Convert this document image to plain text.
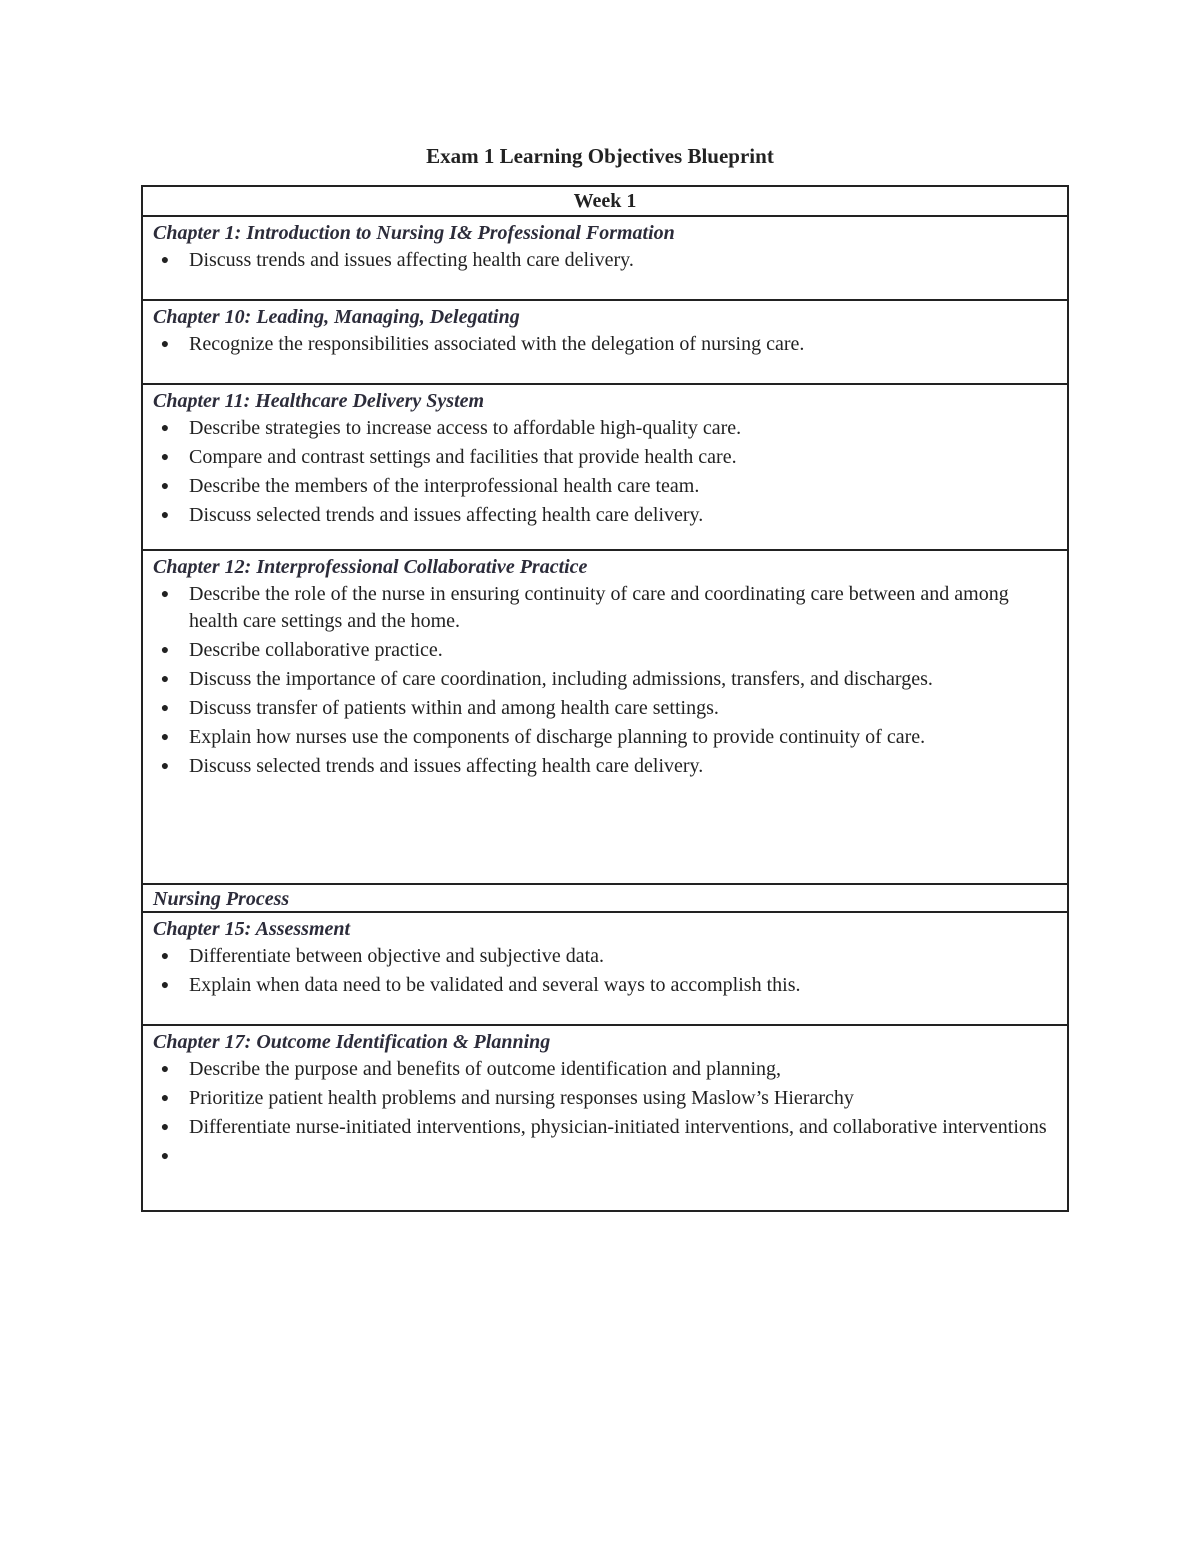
Exam 1 Learning Objectives Blueprint
Week 1
Chapter 1: Introduction to Nursing I& Professional Formation
● Discuss trends and issues affecting health care delivery.
Chapter 10: Leading, Managing, Delegating
● Recognize the responsibilities associated with the delegation of nursing care.
Chapter 11: Healthcare Delivery System
● Describe strategies to increase access to affordable high-quality care.
● Compare and contrast settings and facilities that provide health care.
● Describe the members of the interprofessional health care team.
● Discuss selected trends and issues affecting health care delivery.
Chapter 12: Interprofessional Collaborative Practice
● Describe the role of the nurse in ensuring continuity of care and coordinating care between and among health care settings and the home.
● Describe collaborative practice.
● Discuss the importance of care coordination, including admissions, transfers, and discharges.
● Discuss transfer of patients within and among health care settings.
● Explain how nurses use the components of discharge planning to provide continuity of care.
● Discuss selected trends and issues affecting health care delivery.
Nursing Process
Chapter 15: Assessment
● Differentiate between objective and subjective data.
● Explain when data need to be validated and several ways to accomplish this.
Chapter 17: Outcome Identification & Planning
● Describe the purpose and benefits of outcome identification and planning,
● Prioritize patient health problems and nursing responses using Maslow’s Hierarchy
● Differentiate nurse-initiated interventions, physician-initiated interventions, and collaborative interventions
●
